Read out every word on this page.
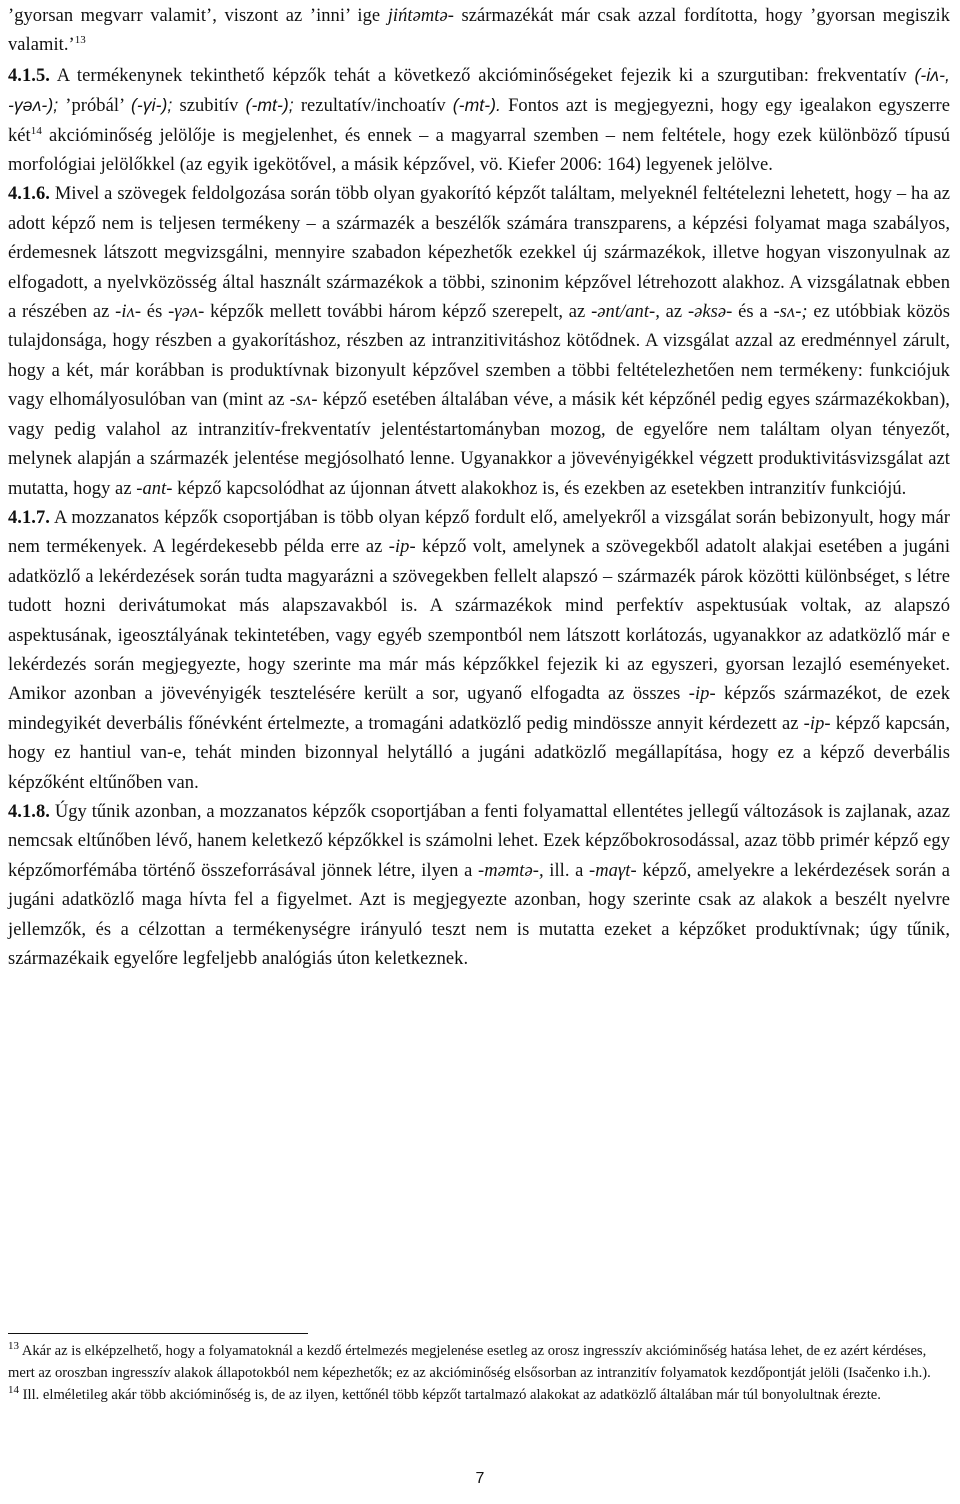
’gyorsan megvarr valamit’, viszont az ’inni’ ige jińtəmtə- származékát már csak azzal fordította, hogy ’gyorsan megiszik valamit.’$^{13}$
4.1.5. A termékenynek tekinthető képzők tehát a következő akcióminőségeket fejezik ki a szurgutiban: frekventatív (-iʌ-, -γəʌ-); ’próbál’ (-γi-); szubitív (-mt-); rezultatív/inchoatív (-mt-). Fontos azt is megjegyezni, hogy egy igealakon egyszerre két$^{14}$ akcióminőség jelölője is megjelenhet, és ennek – a magyarral szemben – nem feltétele, hogy ezek különböző típusú morfológiai jelölőkkel (az egyik igekötővel, a másik képzővel, vö. Kiefer 2006: 164) legyenek jelölve.
4.1.6. Mivel a szövegek feldolgozása során több olyan gyakorító képzőt találtam, melyeknél feltételezni lehetett, hogy – ha az adott képző nem is teljesen termékeny – a származék a beszélők számára transzparens, a képzési folyamat maga szabályos, érdemesnek látszott megvizsgálni, mennyire szabadon képezhetők ezekkel új származékok, illetve hogyan viszonyulnak az elfogadott, a nyelvközösség által használt származékok a többi, szinonim képzővel létrehozott alakhoz. A vizsgálatnak ebben a részében az -iʌ- és -γəʌ- képzők mellett további három képző szerepelt, az -ənt/ant-, az -əksə- és a -sʌ-; ez utóbbiak közös tulajdonsága, hogy részben a gyakorításhoz, részben az intranzitivitáshoz kötődnek. A vizsgálat azzal az eredménnyel zárult, hogy a két, már korábban is produktívnak bizonyult képzővel szemben a többi feltételezhetően nem termékeny: funkciójuk vagy elhomályosulóban van (mint az -sʌ- képző esetében általában véve, a másik két képzőnél pedig egyes származékokban), vagy pedig valahol az intranzitív-frekventatív jelentéstartományban mozog, de egyelőre nem találtam olyan tényezőt, melynek alapján a származék jelentése megjósolható lenne. Ugyanakkor a jövevényigékkel végzett produktivitásvizsgálat azt mutatta, hogy az -ant- képző kapcsolódhat az újonnan átvett alakokhoz is, és ezekben az esetekben intranzitív funkciójú.
4.1.7. A mozzanatos képzők csoportjában is több olyan képző fordult elő, amelyekről a vizsgálat során bebizonyult, hogy már nem termékenyek. A legérdekesebb példa erre az -ip- képző volt, amelynek a szövegekből adatolt alakjai esetében a jugáni adatközlő a lekérdezések során tudta magyarázni a szövegekben fellelt alapszó – származék párok közötti különbséget, s létre tudott hozni derivátumokat más alapszavakból is. A származékok mind perfektív aspektusúak voltak, az alapszó aspektusának, igeosztályának tekintetében, vagy egyéb szempontból nem látszott korlátozás, ugyanakkor az adatközlő már e lekérdezés során megjegyezte, hogy szerinte ma már más képzőkkel fejezik ki az egyszeri, gyorsan lezajló eseményeket. Amikor azonban a jövevényigék tesztelésére került a sor, ugyanő elfogadta az összes -ip- képzős származékot, de ezek mindegyikét deverbális főnévként értelmezte, a tromagáni adatközlő pedig mindössze annyit kérdezett az -ip- képző kapcsán, hogy ez hantiul van-e, tehát minden bizonnyal helytálló a jugáni adatközlő megállapítása, hogy ez a képző deverbális képzőként eltűnőben van.
4.1.8. Úgy tűnik azonban, a mozzanatos képzők csoportjában a fenti folyamattal ellentétes jellegű változások is zajlanak, azaz nemcsak eltűnőben lévő, hanem keletkező képzőkkel is számolni lehet. Ezek képzőbokrosodással, azaz több primér képző egy képzőmorfémába történő összeforrásával jönnek létre, ilyen a -məmtə-, ill. a -maγt- képző, amelyekre a lekérdezések során a jugáni adatközlő maga hívta fel a figyelmet. Azt is megjegyezte azonban, hogy szerinte csak az alakok a beszélt nyelvre jellemzők, és a célzottan a termékenységre irányuló teszt nem is mutatta ezeket a képzőket produktívnak; úgy tűnik, származékaik egyelőre legfeljebb analógiás úton keletkeznek.

$^{13}$ Akár az is elképzelhető, hogy a folyamatoknál a kezdő értelmezés megjelenése esetleg az orosz ingresszív akcióminőség hatása lehet, de ez azért kérdéses, mert az oroszban ingresszív alakok állapotokból nem képezhetők; ez az akcióminőség elsősorban az intranzitív folyamatok kezdőpontját jelöli (Isačenko i.h.).

$^{14}$ Ill. elméletileg akár több akcióminőség is, de az ilyen, kettőnél több képzőt tartalmazó alakokat az adatközlő általában már túl bonyolultnak érezte.

7
